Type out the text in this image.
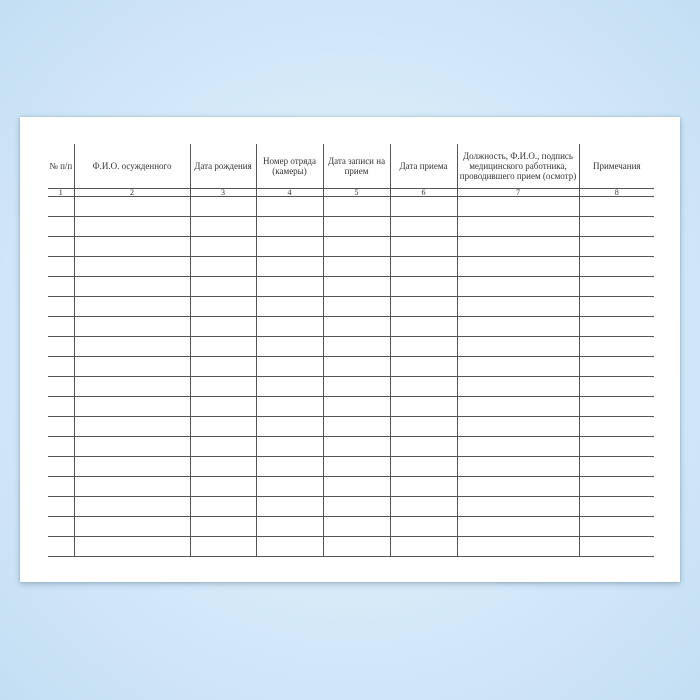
№ п/п	Ф.И.О. осужденного	Дата рождения	Номер отряда (камеры)	Дата записи на прием	Дата приема	Должность, Ф.И.О., подпись медицинского работника, проводившего прием (осмотр)	Примечания
1	2	3	4	5	6	7	8
